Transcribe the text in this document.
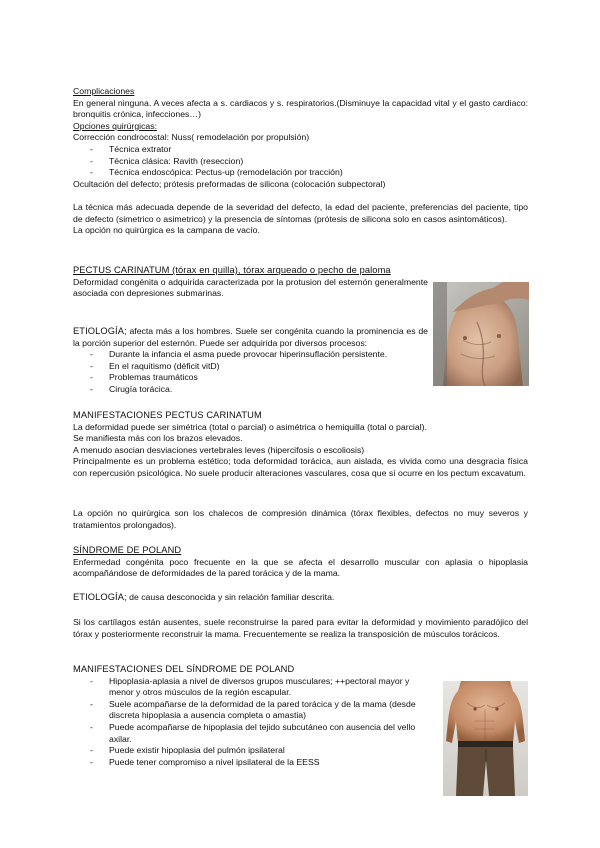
Complicaciones

En general ninguna. A veces afecta a s. cardiacos y s. respiratorios.(Disminuye la capacidad vital y el gasto cardiaco: bronquitis crónica, infecciones…)

Opciones quirúrgicas:

Corrección condrocostal: Nuss( remodelación por propulsión)

- Técnica extrator
- Técnica clásica: Ravith (reseccion)
- Técnica endoscópica: Pectus-up (remodelación por tracción)

Ocultación del defecto; prótesis preformadas de silicona (colocación subpectoral)

La técnica más adecuada depende de la severidad del defecto, la edad del paciente, preferencias del paciente, tipo de defecto (simetrico o asimetrico) y la presencia de síntomas (prótesis de silicona solo en casos asintomáticos).

La opción no quirúrgica es la campana de vacío.

PECTUS CARINATUM (tórax en quilla), tórax arqueado o pecho de paloma

Deformidad congénita o adquirida caracterizada por la protusion del esternón generalmente asociada con depresiones submarinas.

ETIOLOGÍA; afecta más a los hombres. Suele ser congénita cuando la prominencia es de la porción superior del esternón. Puede ser adquirida por diversos procesos:

- Durante la infancia el asma puede provocar hiperinsuflación persistente.
- En el raquitismo (déficit vitD)
- Problemas traumáticos
- Cirugía torácica.

MANIFESTACIONES PECTUS CARINATUM

La deformidad puede ser simétrica (total o parcial) o asimétrica o hemiquilla (total o parcial).

Se manifiesta más con los brazos elevados.

A menudo asocian desviaciones vertebrales leves (hipercifosis o escoliosis)

Principalmente es un problema estético; toda deformidad torácica, aun aislada, es vivida como una desgracia física con repercusión psicológica. No suele producir alteraciones vasculares, cosa que sí ocurre en los pectum excavatum.

La opción no quirúrgica son los chalecos de compresión dinámica (tórax flexibles, defectos no muy severos y tratamientos prolongados).

SÍNDROME DE POLAND

Enfermedad congénita poco frecuente en la que se afecta el desarrollo muscular con aplasia o hipoplasia acompañándose de deformidades de la pared torácica y de la mama.

ETIOLOGÍA; de causa desconocida y sin relación familiar descrita.

Si los cartílagos están ausentes, suele reconstruirse la pared para evitar la deformidad y movimiento paradójico del tórax y posteriormente reconstruir la mama. Frecuentemente se realiza la transposición de músculos torácicos.

MANIFESTACIONES DEL SÍNDROME DE POLAND

- Hipoplasia-aplasia a nivel de diversos grupos musculares; ++pectoral mayor y menor y otros músculos de la región escapular.
- Suele acompañarse de la deformidad de la pared torácica y de la mama (desde discreta hipoplasia a ausencia completa o amastia)
- Puede acompañarse de hipoplasia del tejido subcutáneo con ausencia del vello axilar.
- Puede existir hipoplasia del pulmón ipsilateral
- Puede tener compromiso a nivel ipsilateral de la EESS
